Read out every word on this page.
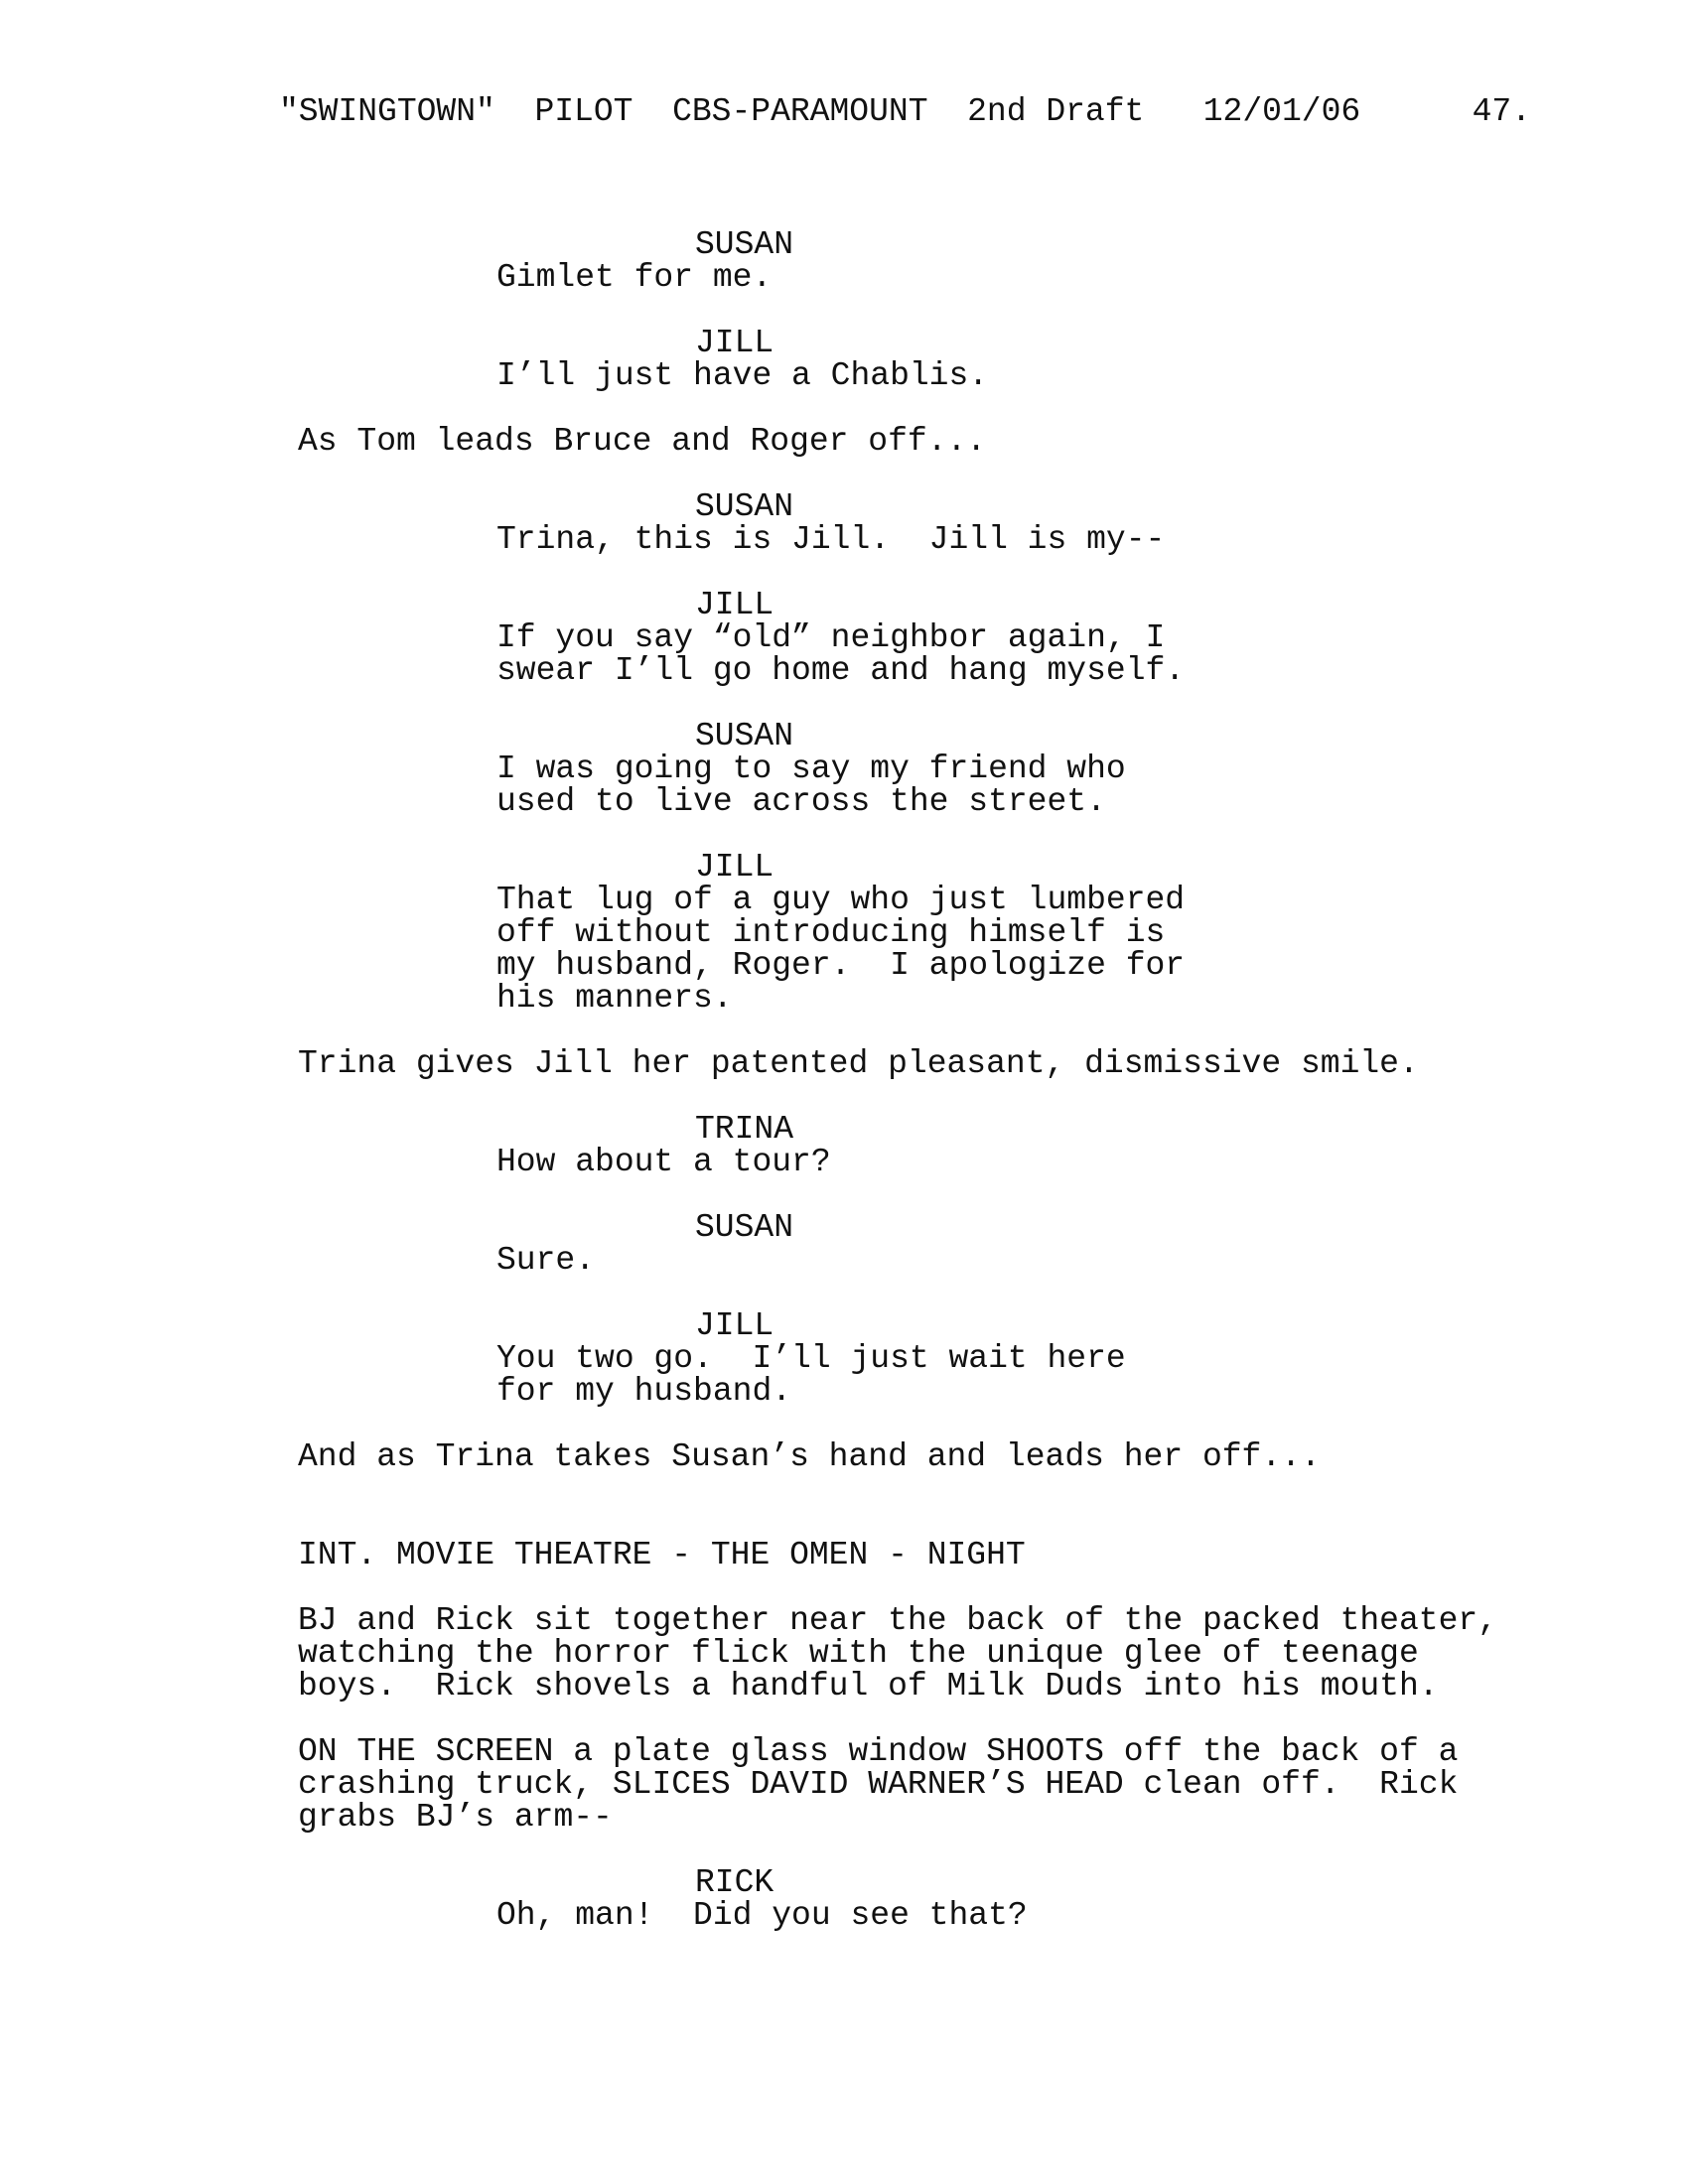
"SWINGTOWN"  PILOT  CBS-PARAMOUNT  2nd Draft   12/01/06	47.
SUSAN
Gimlet for me.
JILL
I’ll just have a Chablis.
As Tom leads Bruce and Roger off...
SUSAN
Trina, this is Jill.  Jill is my--
JILL
If you say “old” neighbor again, I
swear I’ll go home and hang myself.
SUSAN
I was going to say my friend who
used to live across the street.
JILL
That lug of a guy who just lumbered
off without introducing himself is
my husband, Roger.  I apologize for
his manners.
Trina gives Jill her patented pleasant, dismissive smile.
TRINA
How about a tour?
SUSAN
Sure.
JILL
You two go.  I’ll just wait here
for my husband.
And as Trina takes Susan’s hand and leads her off...
INT. MOVIE THEATRE - THE OMEN - NIGHT
BJ and Rick sit together near the back of the packed theater,
watching the horror flick with the unique glee of teenage
boys.  Rick shovels a handful of Milk Duds into his mouth.
ON THE SCREEN a plate glass window SHOOTS off the back of a
crashing truck, SLICES DAVID WARNER’S HEAD clean off.  Rick
grabs BJ’s arm--
RICK
Oh, man!  Did you see that?
